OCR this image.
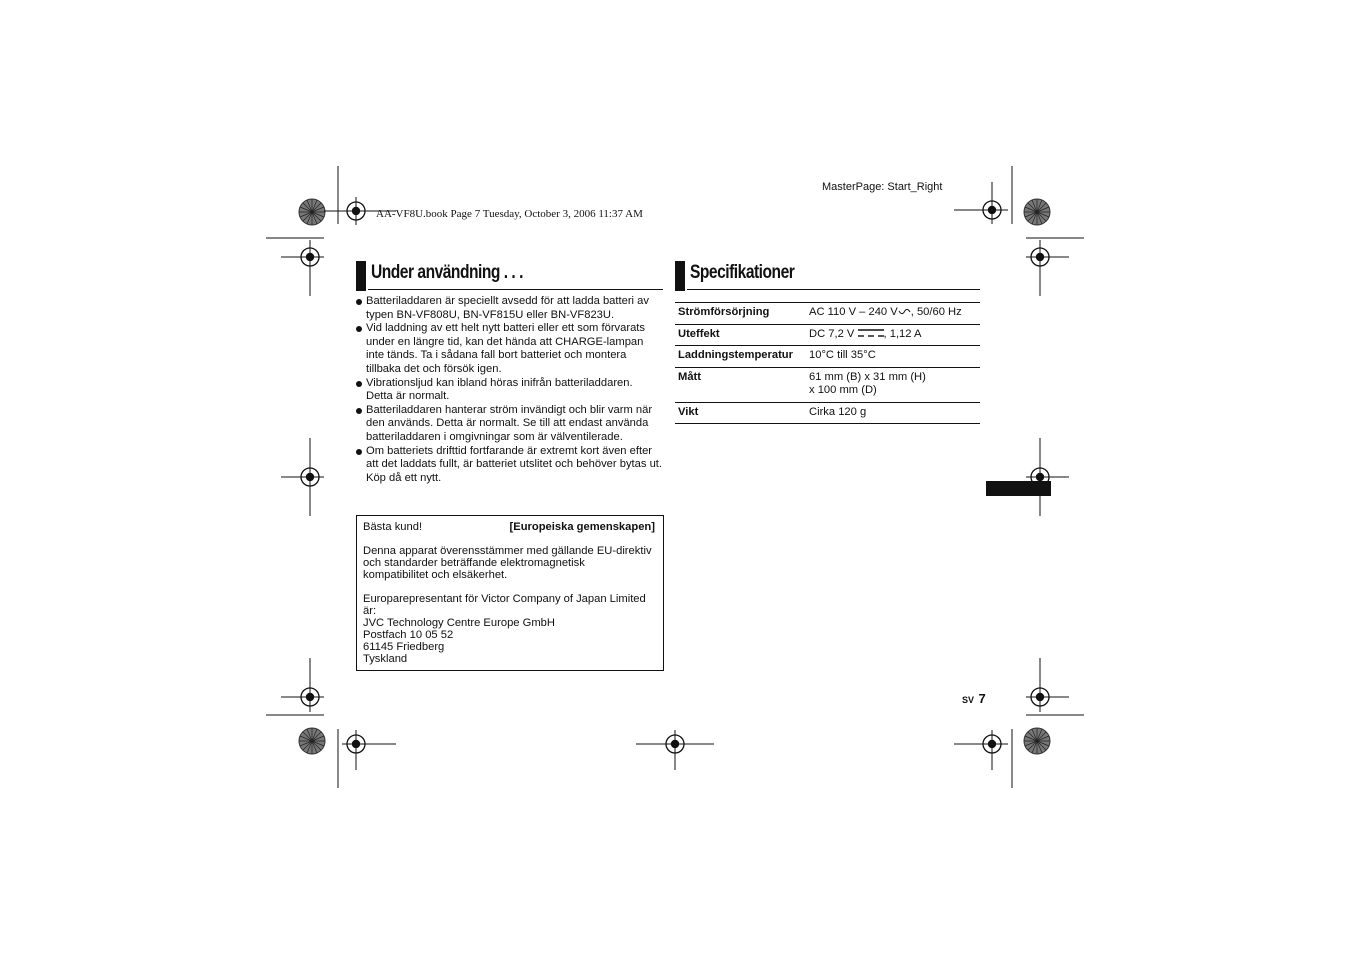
AA-VF8U.book Page 7 Tuesday, October 3, 2006 11:37 AM
MasterPage: Start_Right
Under användning . . .
Batteriladdaren är speciellt avsedd för att ladda batteri av typen BN-VF808U, BN-VF815U eller BN-VF823U.
Vid laddning av ett helt nytt batteri eller ett som förvarats under en längre tid, kan det hända att CHARGE-lampan inte tänds. Ta i sådana fall bort batteriet och montera tillbaka det och försök igen.
Vibrationsljud kan ibland höras inifrån batteriladdaren. Detta är normalt.
Batteriladdaren hanterar ström invändigt och blir varm när den används. Detta är normalt. Se till att endast använda batteriladdaren i omgivningar som är välventilerade.
Om batteriets drifttid fortfarande är extremt kort även efter att det laddats fullt, är batteriet utslitet och behöver bytas ut. Köp då ett nytt.
Bästa kund!	[Europeiska gemenskapen]
Denna apparat överensstämmer med gällande EU-direktiv och standarder beträffande elektromagnetisk kompatibilitet och elsäkerhet.
Europarepresentant för Victor Company of Japan Limited är:
JVC Technology Centre Europe GmbH
Postfach 10 05 52
61145 Friedberg
Tyskland
Specifikationer
Strömförsörjning	AC 110 V – 240 V , 50/60 Hz
Uteffekt	DC 7,2 V , 1,12 A
Laddningstemperatur	10°C till 35°C
Mått	61 mm (B) x 31 mm (H)
x 100 mm (D)

Vikt	Cirka 120 g
SV 7
